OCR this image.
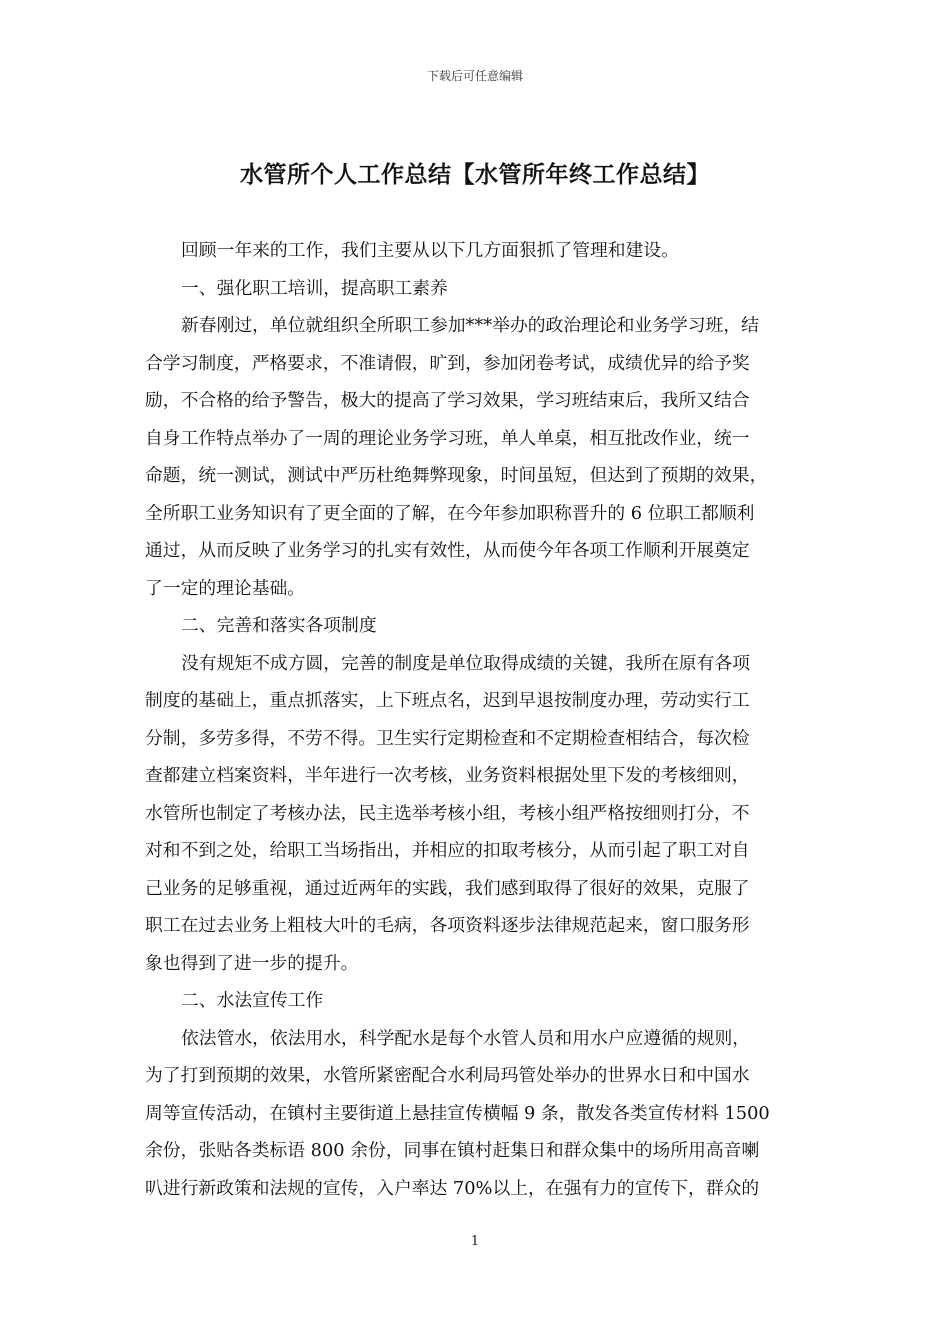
下载后可任意编辑
水管所个人工作总结【水管所年终工作总结】
回顾一年来的工作，我们主要从以下几方面狠抓了管理和建设。
一、强化职工培训，提高职工素养
新春刚过，单位就组织全所职工参加***举办的政治理论和业务学习班，结
合学习制度，严格要求，不准请假，旷到，参加闭卷考试，成绩优异的给予奖
励，不合格的给予警告，极大的提高了学习效果，学习班结束后，我所又结合
自身工作特点举办了一周的理论业务学习班，单人单桌，相互批改作业，统一
命题，统一测试，测试中严历杜绝舞弊现象，时间虽短，但达到了预期的效果，
全所职工业务知识有了更全面的了解，在今年参加职称晋升的 6 位职工都顺利
通过，从而反映了业务学习的扎实有效性，从而使今年各项工作顺利开展奠定
了一定的理论基础。
二、完善和落实各项制度
没有规矩不成方圆，完善的制度是单位取得成绩的关键，我所在原有各项
制度的基础上，重点抓落实，上下班点名，迟到早退按制度办理，劳动实行工
分制，多劳多得，不劳不得。卫生实行定期检查和不定期检查相结合，每次检
查都建立档案资料，半年进行一次考核，业务资料根据处里下发的考核细则，
水管所也制定了考核办法，民主选举考核小组，考核小组严格按细则打分，不
对和不到之处，给职工当场指出，并相应的扣取考核分，从而引起了职工对自
己业务的足够重视，通过近两年的实践，我们感到取得了很好的效果，克服了
职工在过去业务上粗枝大叶的毛病，各项资料逐步法律规范起来，窗口服务形
象也得到了进一步的提升。
二、水法宣传工作
依法管水，依法用水，科学配水是每个水管人员和用水户应遵循的规则，
为了打到预期的效果，水管所紧密配合水利局玛管处举办的世界水日和中国水
周等宣传活动，在镇村主要街道上悬挂宣传横幅 9 条，散发各类宣传材料 1500
余份，张贴各类标语 800 余份，同事在镇村赶集日和群众集中的场所用高音喇
叭进行新政策和法规的宣传，入户率达 70%以上，在强有力的宣传下，群众的
1
